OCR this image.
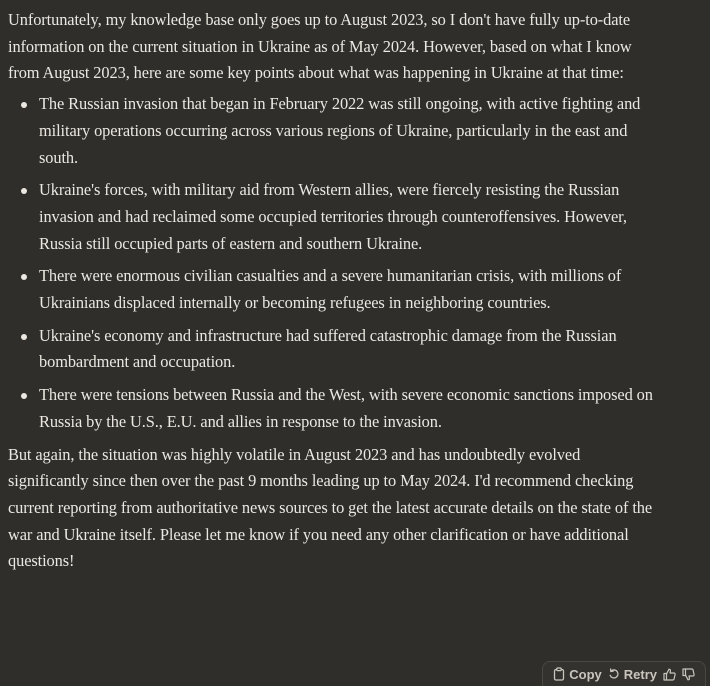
Unfortunately, my knowledge base only goes up to August 2023, so I don't have fully up-to-date information on the current situation in Ukraine as of May 2024. However, based on what I know from August 2023, here are some key points about what was happening in Ukraine at that time:

The Russian invasion that began in February 2022 was still ongoing, with active fighting and military operations occurring across various regions of Ukraine, particularly in the east and south.
Ukraine's forces, with military aid from Western allies, were fiercely resisting the Russian invasion and had reclaimed some occupied territories through counteroffensives. However, Russia still occupied parts of eastern and southern Ukraine.
There were enormous civilian casualties and a severe humanitarian crisis, with millions of Ukrainians displaced internally or becoming refugees in neighboring countries.
Ukraine's economy and infrastructure had suffered catastrophic damage from the Russian bombardment and occupation.
There were tensions between Russia and the West, with severe economic sanctions imposed on Russia by the U.S., E.U. and allies in response to the invasion.

But again, the situation was highly volatile in August 2023 and has undoubtedly evolved significantly since then over the past 9 months leading up to May 2024. I'd recommend checking current reporting from authoritative news sources to get the latest accurate details on the state of the war and Ukraine itself. Please let me know if you need any other clarification or have additional questions!

Copy Retry
